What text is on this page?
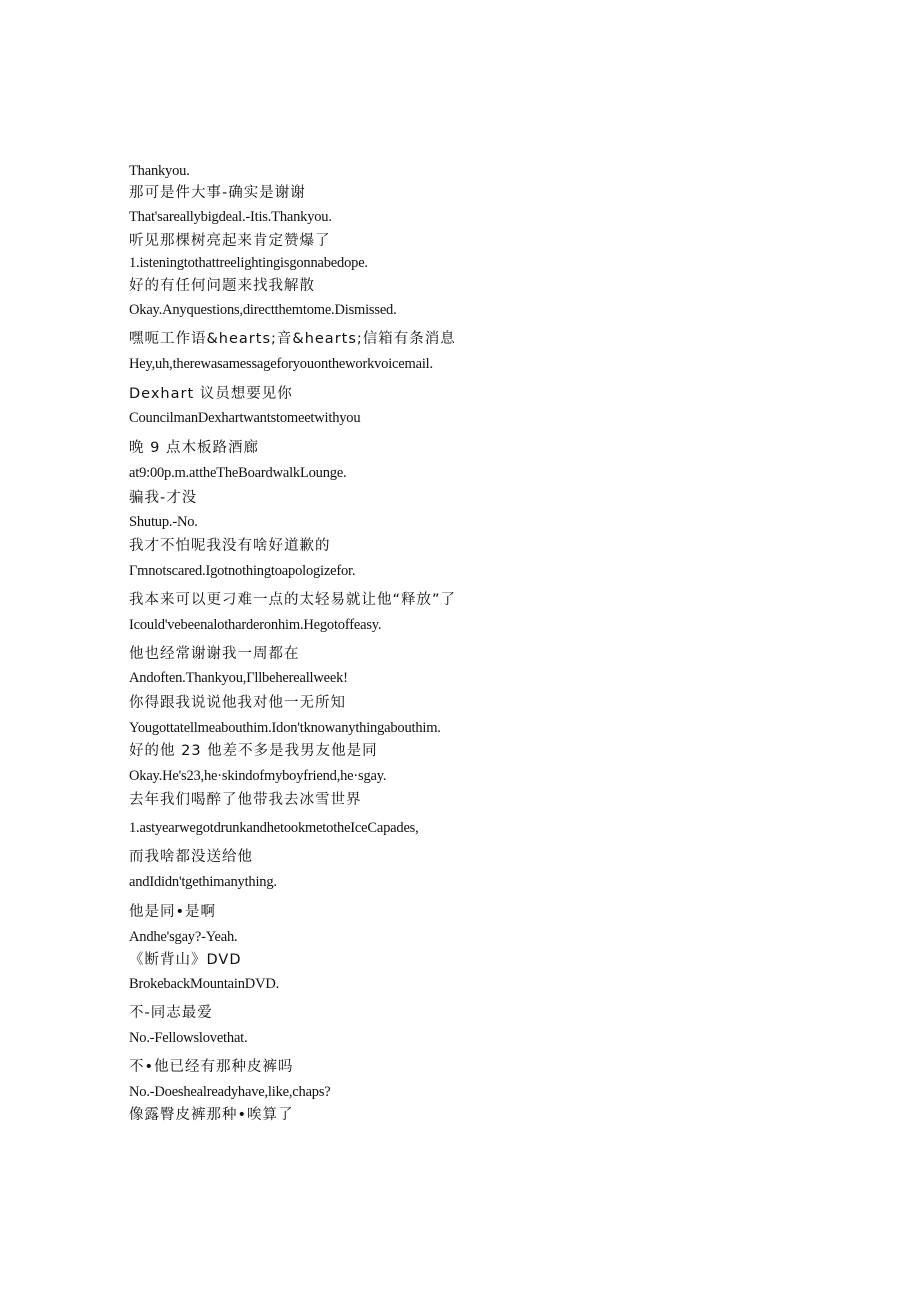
Thankyou.

那可是件大事-确实是谢谢

That'sareallybigdeal.-Itis.Thankyou.

听见那棵树亮起来肯定赞爆了

1.isteningtothattreelightingisgonnabedope.

好的有任何问题来找我解散

Okay.Anyquestions,directthemtome.Dismissed.

嘿呃工作语&hearts;音&hearts;信箱有条消息

Hey,uh,therewasamessageforyouontheworkvoicemail.

Dexhart 议员想要见你

CouncilmanDexhartwantstomeetwithyou

晚 9 点木板路酒廊

at9:00p.m.attheTheBoardwalkLounge.

骗我-才没

Shutup.-No.

我才不怕呢我没有啥好道歉的

Γmnotscared.Igotnothingtoapologizefor.

我本来可以更刁难一点的太轻易就让他“释放”了

Icould'vebeenalotharderonhim.Hegotoffeasy.

他也经常谢谢我一周都在

Andoften.Thankyou,Γllbehereallweek!

你得跟我说说他我对他一无所知

Yougottatellmeabouthim.Idon'tknowanythingabouthim.

好的他 23 他差不多是我男友他是同

Okay.He's23,he·skindofmyboyfriend,he·sgay.

去年我们喝醉了他带我去冰雪世界

1.astyearwegotdrunkandhetookmetotheIceCapades,

而我啥都没送给他

andIdidn'tgethimanything.

他是同•是啊

Andhe'sgay?-Yeah.

《断背山》DVD

BrokebackMountainDVD.

不-同志最爱

No.-Fellowslovethat.

不•他已经有那种皮裤吗

No.-Doeshealreadyhave,like,chaps?

像露臀皮裤那种•唉算了
